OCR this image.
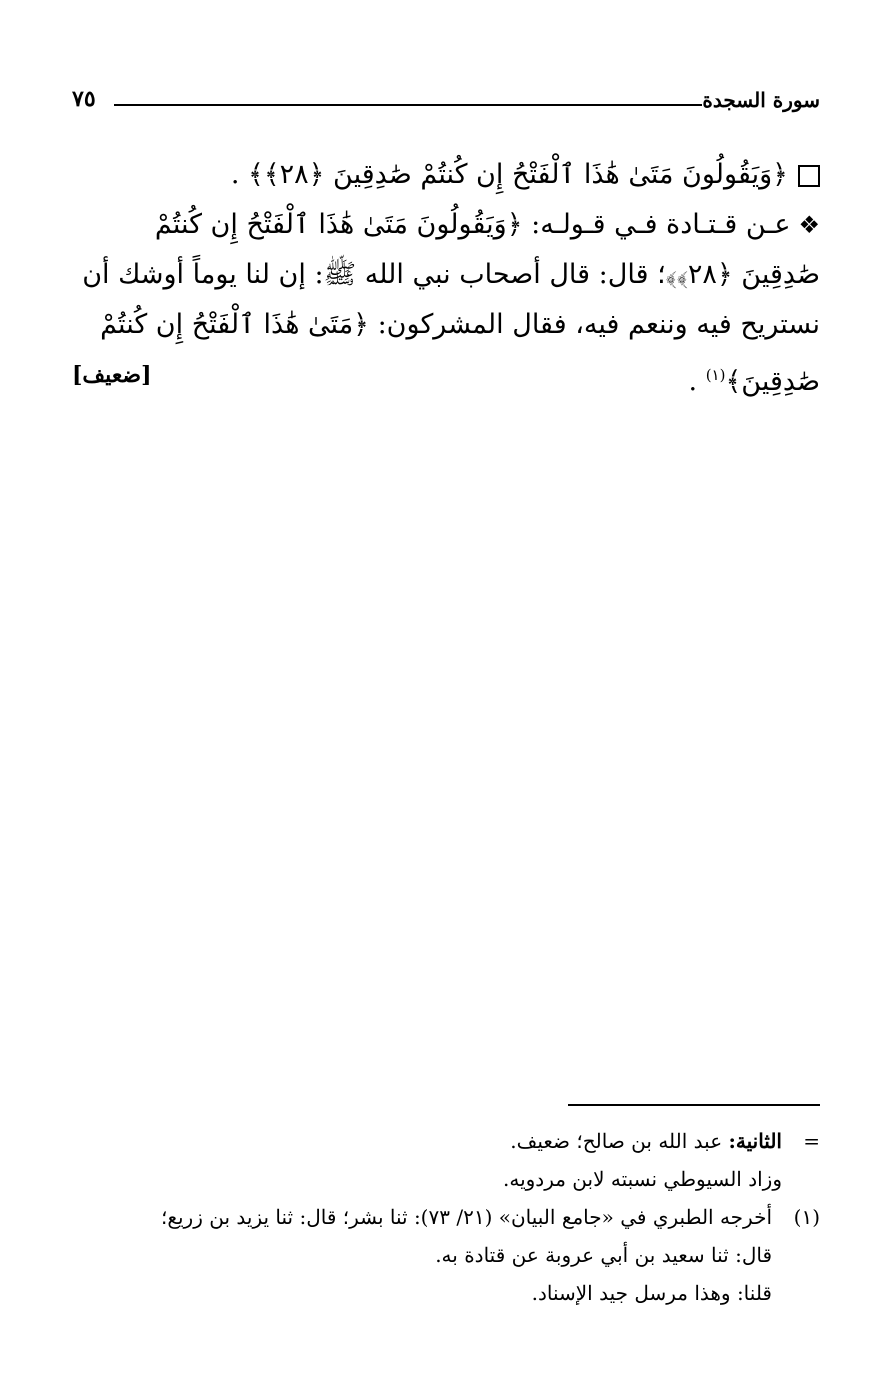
سورة السجدة
٧٥
﴿وَيَقُولُونَ مَتَىٰ هَٰذَا ٱلْفَتْحُ إِن كُنتُمْ صَٰدِقِينَ ﴿٢٨﴾﴾ .
❖عـن قـتـادة فـي قـولـه: ﴿وَيَقُولُونَ مَتَىٰ هَٰذَا ٱلْفَتْحُ إِن كُنتُمْ
صَٰدِقِينَ ﴿٢٨﴾﴾؛ قال: قال أصحاب نبي الله ﷺ: إن لنا يوماً أوشك أن
نستريح فيه وننعم فيه، فقال المشركون: ﴿مَتَىٰ هَٰذَا ٱلْفَتْحُ إِن كُنتُمْ
صَٰدِقِينَ﴾$^{(١)}$ .
[ضعيف]
=
الثانية: عبد الله بن صالح؛ ضعيف.
وزاد السيوطي نسبته لابن مردويه.
(١)
أخرجه الطبري في «جامع البيان» (٢١/ ٧٣): ثنا بشر؛ قال: ثنا يزيد بن زريع؛
قال: ثنا سعيد بن أبي عروبة عن قتادة به.
قلنا: وهذا مرسل جيد الإسناد.
